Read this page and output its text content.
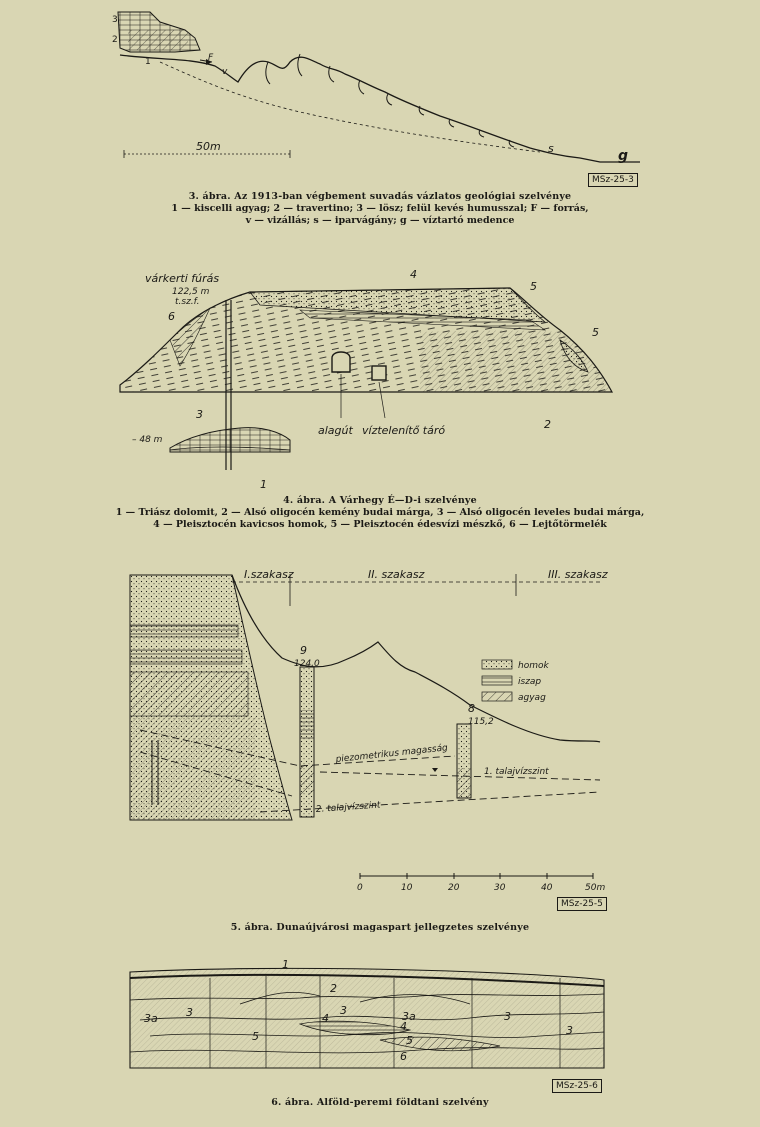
3
2
1	F
v
s	g
50m
MSz-25-3
3. ábra. Az 1913-ban végbement suvadás vázlatos geológiai szelvénye
1 — kiscelli agyag; 2 — travertino; 3 — lösz; felül kevés humusszal; F — forrás,
v — vizállás; s — iparvágány; g — víztartó medence
várkerti fúrás
122,5 m
t.sz.f.
– 48 m
alagút víztelenítő táró
1
2
3
4
5
5
6
4. ábra. A Várhegy É—D-i szelvénye
1 — Triász dolomit, 2 — Alsó oligocén kemény budai márga, 3 — Alsó oligocén leveles budai márga,
4 — Pleisztocén kavicsos homok, 5 — Pleisztocén édesvízi mészkő, 6 — Lejtőtörmelék
I.szakasz	II. szakasz	III. szakasz
9
124,0
8
115,2
homok
iszap
agyag
piezometrikus magasság
1. talajvízszint
2. talajvízszint
0	10	20	30	40	50m
MSz-25-5
5. ábra. Dunaújvárosi magaspart jellegzetes szelvénye
1
2
3
3a
3	3a	3
3
4
4
5
6
5
MSz-25-6
6. ábra. Alföld-peremi földtani szelvény
